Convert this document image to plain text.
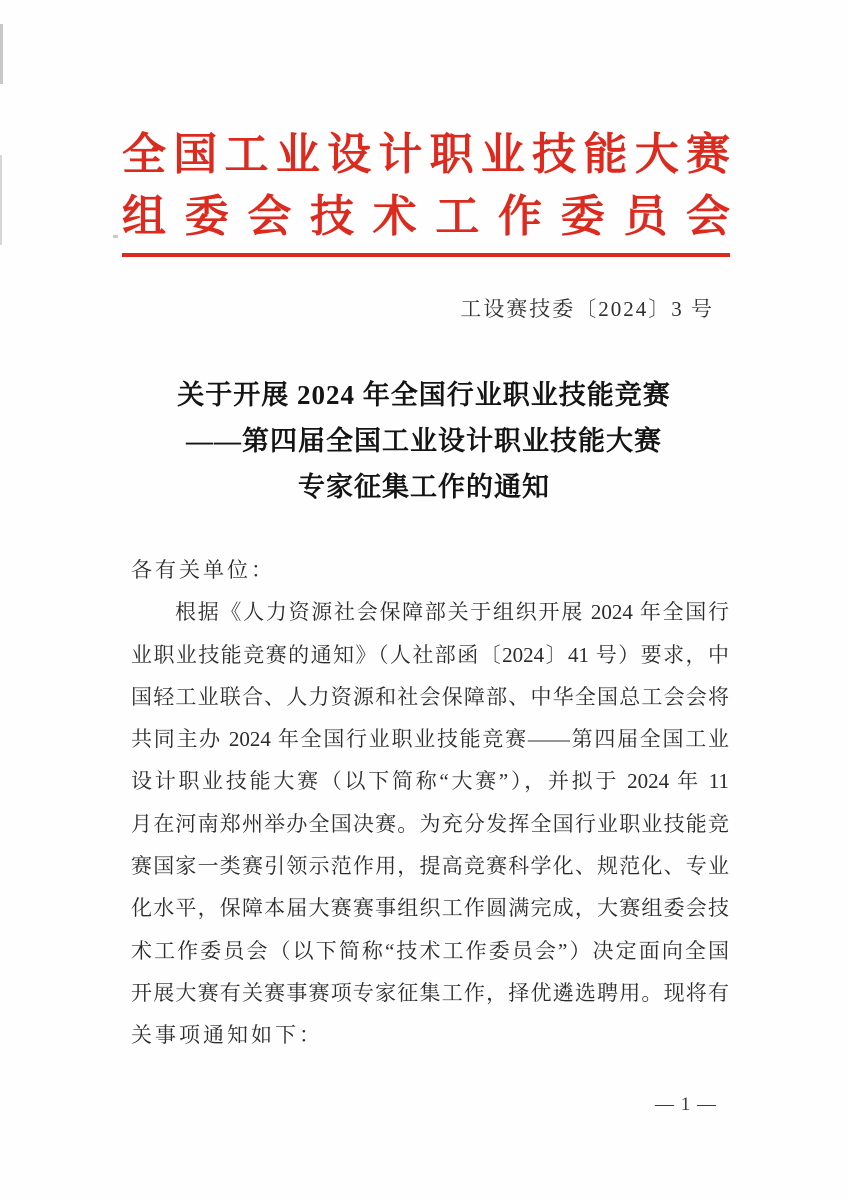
全国工业设计职业技能大赛
组委会技术工作委员会
工设赛技委〔2024〕3 号
关于开展 2024 年全国行业职业技能竞赛
——第四届全国工业设计职业技能大赛
专家征集工作的通知
各有关单位：
根据《人力资源社会保障部关于组织开展 2024 年全国行
业职业技能竞赛的通知》（人社部函〔2024〕41 号）要求，中
国轻工业联合、人力资源和社会保障部、中华全国总工会会将
共同主办 2024 年全国行业职业技能竞赛——第四届全国工业
设计职业技能大赛（以下简称“大赛”），并拟于 2024 年 11
月在河南郑州举办全国决赛。为充分发挥全国行业职业技能竞
赛国家一类赛引领示范作用，提高竞赛科学化、规范化、专业
化水平，保障本届大赛赛事组织工作圆满完成，大赛组委会技
术工作委员会（以下简称“技术工作委员会”）决定面向全国
开展大赛有关赛事赛项专家征集工作，择优遴选聘用。现将有
关事项通知如下：
— 1 —
